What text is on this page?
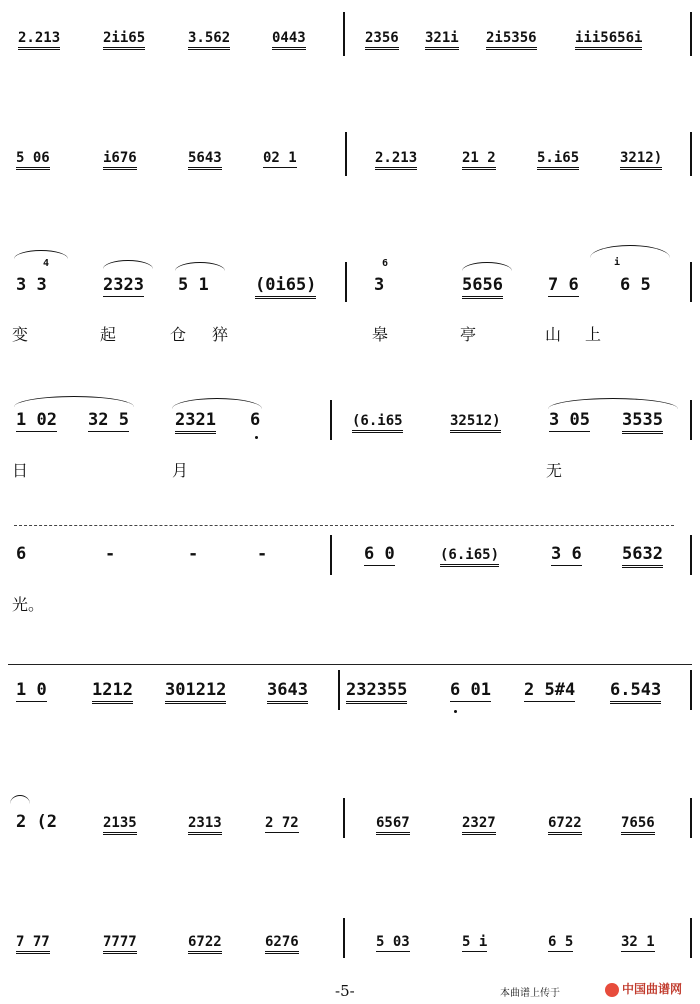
2.213	2ii65	3.562	0443	2356 321i 2i5356	iii5656i
5 06	i676	5643	02 1	2.213	21 2	5.i65	3212)
4
3 3	2323 5 1	(0i65)
6
3	5656	7 6
i
6 5
变	起	仓 猝	皋	亭	山 上
1 02 32 5	2321 6	(6.i65	32512)	3 05 3535
日	月	无
6	-	-	-	6 0	(6.i65)	3 6 5632
光。
1 0	1212 301212 3643 232355	6 01 2 5#4 6.543
2 (2	2135	2313	2 72	6567	2327	6722	7656
7 77	7777	6722	6276	5 03	5 i	6 5	32 1
-5-	本曲谱上传于	中国曲谱网
